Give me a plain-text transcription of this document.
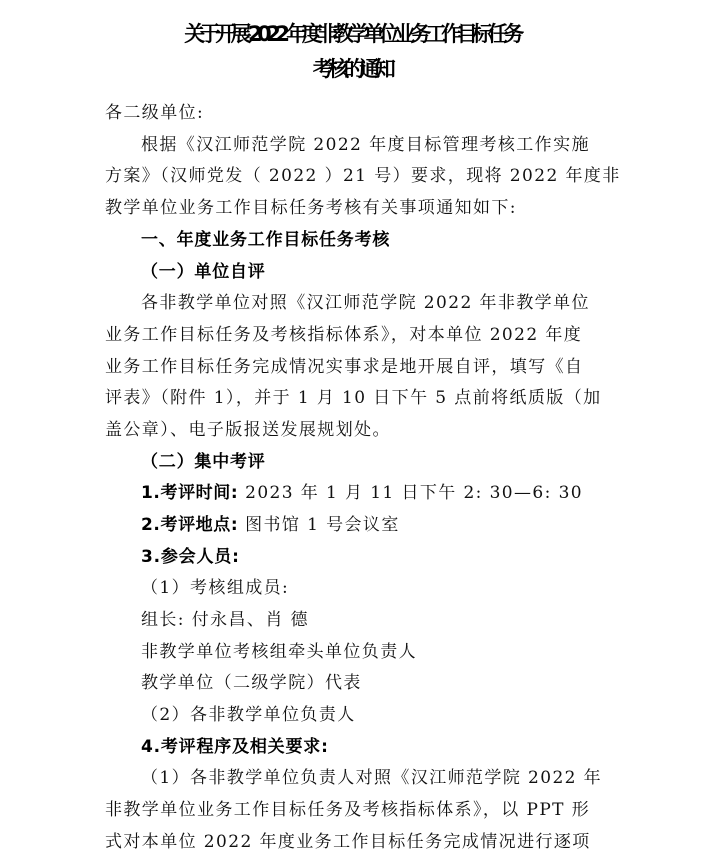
关于开展 2022 年度非教学单位业务工作目标任务
考核的通知
各二级单位:
根据《汉江师范学院 2022 年度目标管理考核工作实施
方案》（汉师党发（ 2022 ）21 号）要求，现将 2022 年度非
教学单位业务工作目标任务考核有关事项通知如下:
一、年度业务工作目标任务考核
（一）单位自评
各非教学单位对照《汉江师范学院 2022 年非教学单位
业务工作目标任务及考核指标体系》，对本单位 2022 年度
业务工作目标任务完成情况实事求是地开展自评，填写《自
评表》（附件 1），并于 1 月 10 日下午 5 点前将纸质版（加
盖公章）、电子版报送发展规划处。
（二）集中考评
1.考评时间: 2023 年 1 月 11 日下午 2: 30—6: 30
2.考评地点: 图书馆 1 号会议室
3.参会人员:
（1）考核组成员:
组长: 付永昌、肖 德
非教学单位考核组牵头单位负责人
教学单位（二级学院）代表
（2）各非教学单位负责人
4.考评程序及相关要求:
（1）各非教学单位负责人对照《汉江师范学院 2022 年
非教学单位业务工作目标任务及考核指标体系》，以 PPT 形
式对本单位 2022 年度业务工作目标任务完成情况进行逐项
